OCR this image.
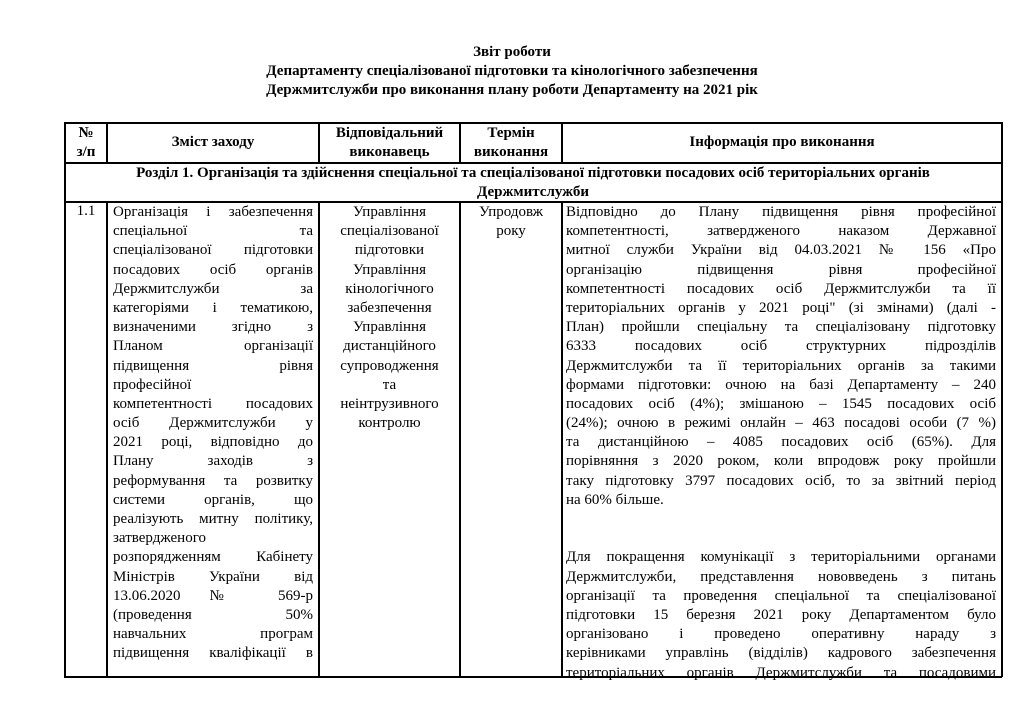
Звіт роботи
Департаменту спеціалізованої підготовки та кінологічного забезпечення
Держмитслужби про виконання плану роботи Департаменту на 2021 рік
№
з/п
Зміст заходу
Відповідальний
виконавець
Термін
виконання
Інформація про виконання
Розділ 1. Організація та здійснення спеціальної та спеціалізованої підготовки посадових осіб територіальних органів
Держмитслужби
1.1	Організація і забезпечення
спеціальної та
спеціалізованої підготовки
посадових осіб органів
Держмитслужби за
категоріями і тематикою,
визначеними згідно з
Планом організації
підвищення рівня
професійної
компетентності посадових
осіб Держмитслужби у
2021 році, відповідно до
Плану заходів з
реформування та розвитку
системи органів, що
реалізують митну політику,
затвердженого
розпорядженням Кабінету
Міністрів України від
13.06.2020 № 569-р
(проведення 50%
навчальних програм
підвищення кваліфікації в
Управління
спеціалізованої
підготовки
Управління
кінологічного
забезпечення
Управління
дистанційного
супроводження
та
неінтрузивного
контролю
Упродовж
року
Відповідно до Плану підвищення рівня професійної
компетентності, затвердженого наказом Державної
митної служби України від 04.03.2021 № 156 «Про
організацію підвищення рівня професійної
компетентності посадових осіб Держмитслужби та її
територіальних органів у 2021 році" (зі змінами) (далі -
План) пройшли спеціальну та спеціалізовану підготовку
6333 посадових осіб структурних підрозділів
Держмитслужби та її територіальних органів за такими
формами підготовки: очною на базі Департаменту – 240
посадових осіб (4%); змішаною – 1545 посадових осіб
(24%); очною в режимі онлайн – 463 посадові особи (7 %)
та дистанційною – 4085 посадових осіб (65%). Для
порівняння з 2020 роком, коли впродовж року пройшли
таку підготовку 3797 посадових осіб, то за звітний період
на 60% більше.
Для покращення комунікації з територіальними органами
Держмитслужби, представлення нововведень з питань
організації та проведення спеціальної та спеціалізованої
підготовки 15 березня 2021 року Департаментом було
організовано і проведено оперативну нараду з
керівниками управлінь (відділів) кадрового забезпечення
територіальних органів Держмитслужби та посадовими
